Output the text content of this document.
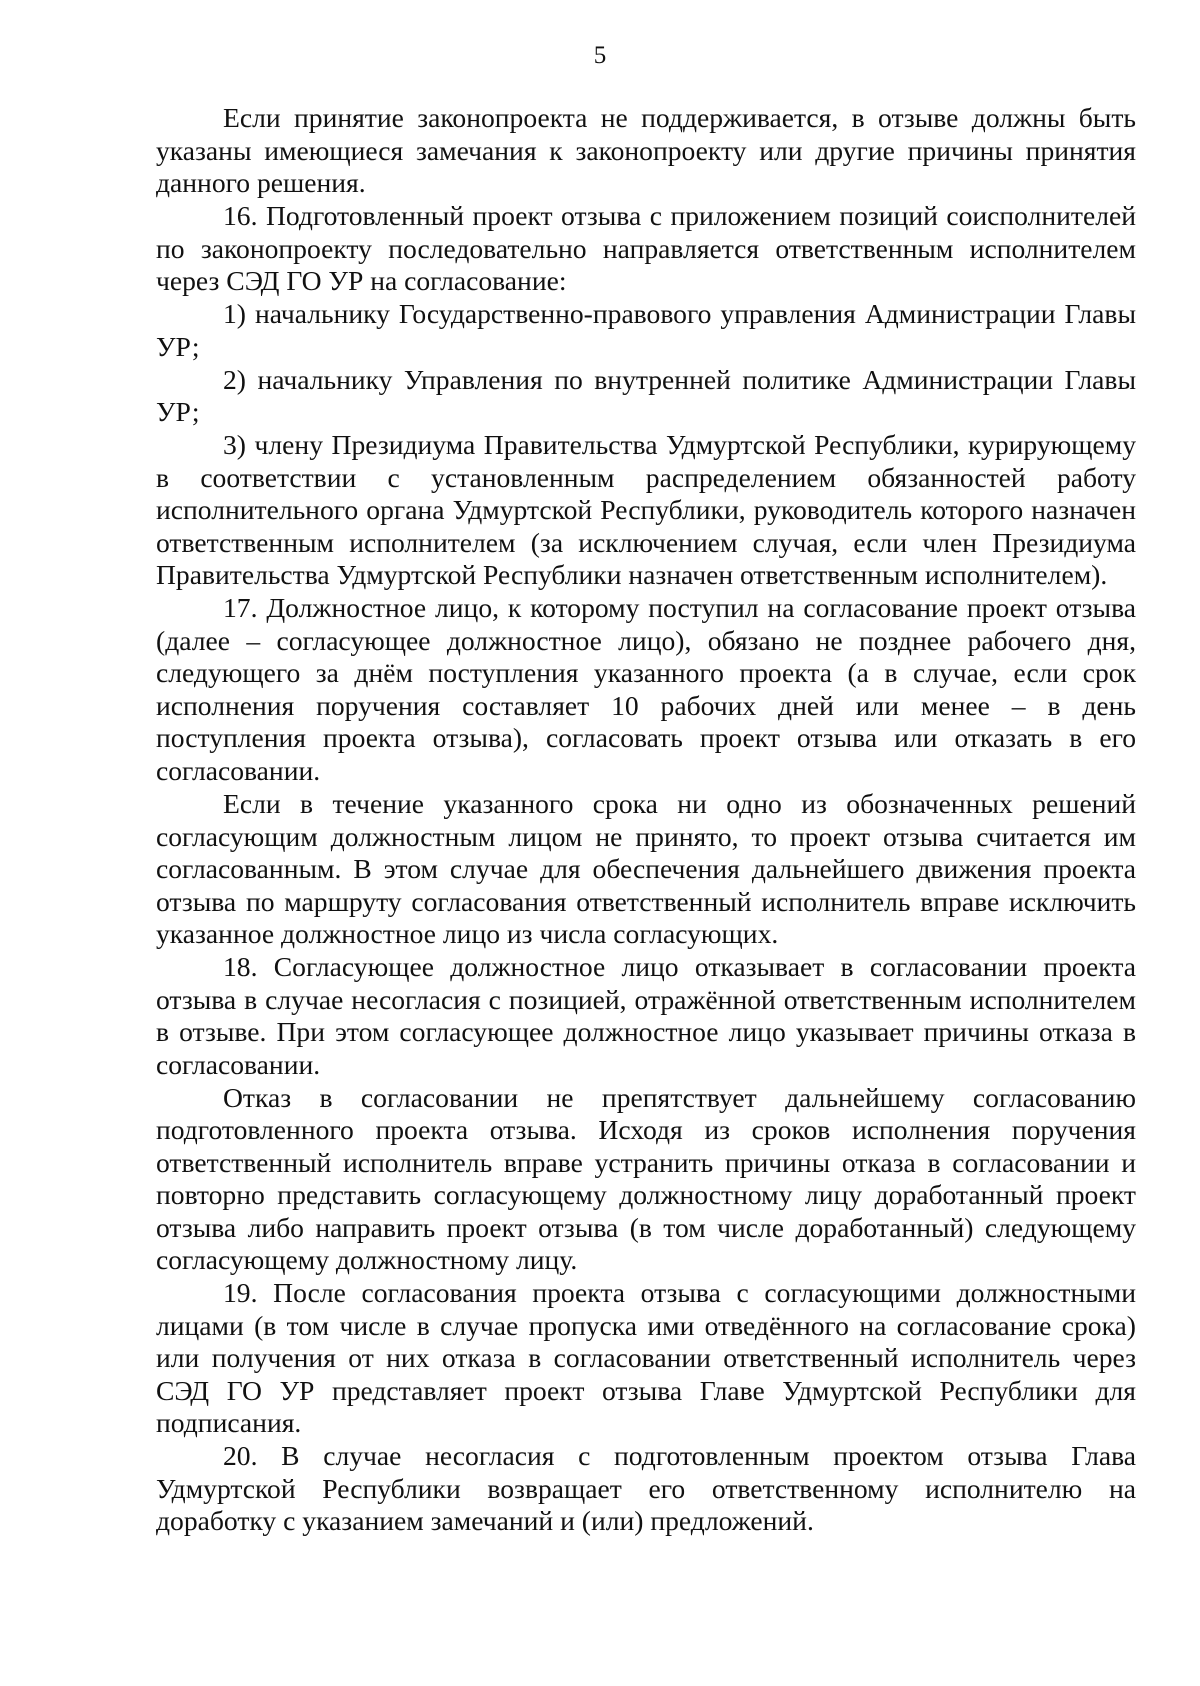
5

Если принятие законопроекта не поддерживается, в отзыве должны быть указаны имеющиеся замечания к законопроекту или другие причины принятия данного решения.

16. Подготовленный проект отзыва с приложением позиций соисполнителей по законопроекту последовательно направляется ответственным исполнителем через СЭД ГО УР на согласование:

1) начальнику Государственно-правового управления Администрации Главы УР;

2) начальнику Управления по внутренней политике Администрации Главы УР;

3) члену Президиума Правительства Удмуртской Республики, курирующему в соответствии с установленным распределением обязанностей работу исполнительного органа Удмуртской Республики, руководитель которого назначен ответственным исполнителем (за исключением случая, если член Президиума Правительства Удмуртской Республики назначен ответственным исполнителем).

17. Должностное лицо, к которому поступил на согласование проект отзыва (далее – согласующее должностное лицо), обязано не позднее рабочего дня, следующего за днём поступления указанного проекта (а в случае, если срок исполнения поручения составляет 10 рабочих дней или менее – в день поступления проекта отзыва), согласовать проект отзыва или отказать в его согласовании.

Если в течение указанного срока ни одно из обозначенных решений согласующим должностным лицом не принято, то проект отзыва считается им согласованным. В этом случае для обеспечения дальнейшего движения проекта отзыва по маршруту согласования ответственный исполнитель вправе исключить указанное должностное лицо из числа согласующих.

18. Согласующее должностное лицо отказывает в согласовании проекта отзыва в случае несогласия с позицией, отражённой ответственным исполнителем в отзыве. При этом согласующее должностное лицо указывает причины отказа в согласовании.

Отказ в согласовании не препятствует дальнейшему согласованию подготовленного проекта отзыва. Исходя из сроков исполнения поручения ответственный исполнитель вправе устранить причины отказа в согласовании и повторно представить согласующему должностному лицу доработанный проект отзыва либо направить проект отзыва (в том числе доработанный) следующему согласующему должностному лицу.

19. После согласования проекта отзыва с согласующими должностными лицами (в том числе в случае пропуска ими отведённого на согласование срока) или получения от них отказа в согласовании ответственный исполнитель через СЭД ГО УР представляет проект отзыва Главе Удмуртской Республики для подписания.

20. В случае несогласия с подготовленным проектом отзыва Глава Удмуртской Республики возвращает его ответственному исполнителю на доработку с указанием замечаний и (или) предложений.
